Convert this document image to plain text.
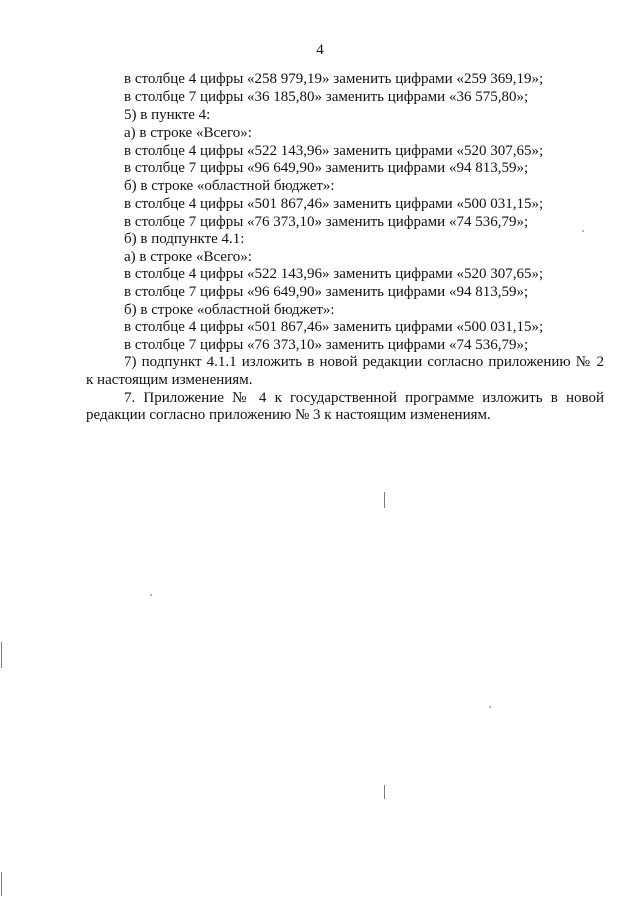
4
в столбце 4 цифры «258 979,19» заменить цифрами «259 369,19»;
в столбце 7 цифры «36 185,80» заменить цифрами «36 575,80»;
5) в пункте 4:
а) в строке «Всего»:
в столбце 4 цифры «522 143,96» заменить цифрами «520 307,65»;
в столбце 7 цифры «96 649,90» заменить цифрами «94 813,59»;
б) в строке «областной бюджет»:
в столбце 4 цифры «501 867,46» заменить цифрами «500 031,15»;
в столбце 7 цифры «76 373,10» заменить цифрами «74 536,79»;
б) в подпункте 4.1:
а) в строке «Всего»:
в столбце 4 цифры «522 143,96» заменить цифрами «520 307,65»;
в столбце 7 цифры «96 649,90» заменить цифрами «94 813,59»;
б) в строке «областной бюджет»:
в столбце 4 цифры «501 867,46» заменить цифрами «500 031,15»;
в столбце 7 цифры «76 373,10» заменить цифрами «74 536,79»;
7) подпункт 4.1.1 изложить в новой редакции согласно приложению № 2
к настоящим изменениям.
7. Приложение № 4 к государственной программе изложить в новой
редакции согласно приложению № 3 к настоящим изменениям.
